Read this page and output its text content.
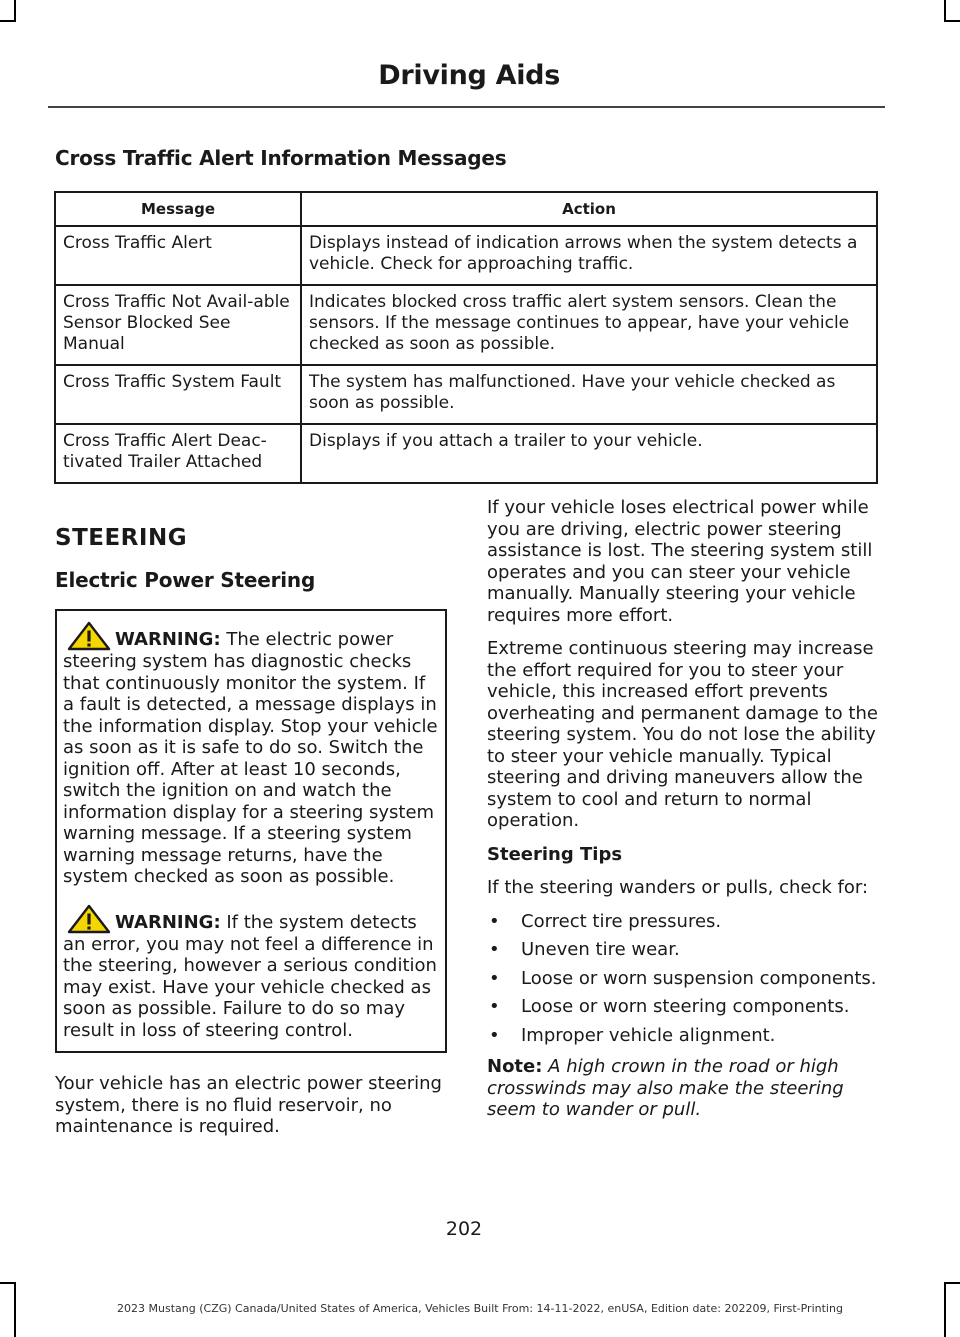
Driving Aids
Cross Traffic Alert Information Messages
Message	Action
Cross Traffic Alert	Displays instead of indication arrows when the system detects a vehicle. Check for approaching traffic.
Cross Traffic Not Avail-able Sensor Blocked See Manual	Indicates blocked cross traffic alert system sensors. Clean the sensors. If the message continues to appear, have your vehicle checked as soon as possible.
Cross Traffic System Fault	The system has malfunctioned. Have your vehicle checked as soon as possible.
Cross Traffic Alert Deac-tivated Trailer Attached	Displays if you attach a trailer to your vehicle.
STEERING
Electric Power Steering

WARNING: The electric power steering system has diagnostic checks that continuously monitor the system. If a fault is detected, a message displays in the information display. Stop your vehicle as soon as it is safe to do so. Switch the ignition off. After at least 10 seconds, switch the ignition on and watch the information display for a steering system warning message. If a steering system warning message returns, have the system checked as soon as possible.

WARNING: If the system detects an error, you may not feel a difference in the steering, however a serious condition may exist. Have your vehicle checked as soon as possible. Failure to do so may result in loss of steering control.

Your vehicle has an electric power steering system, there is no fluid reservoir, no maintenance is required.

If your vehicle loses electrical power while you are driving, electric power steering assistance is lost. The steering system still operates and you can steer your vehicle manually. Manually steering your vehicle requires more effort.

Extreme continuous steering may increase the effort required for you to steer your vehicle, this increased effort prevents overheating and permanent damage to the steering system. You do not lose the ability to steer your vehicle manually. Typical steering and driving maneuvers allow the system to cool and return to normal operation.

Steering Tips

If the steering wanders or pulls, check for:

• Correct tire pressures.
• Uneven tire wear.
• Loose or worn suspension components.
• Loose or worn steering components.
• Improper vehicle alignment.

Note: A high crown in the road or high crosswinds may also make the steering seem to wander or pull.

202
2023 Mustang (CZG) Canada/United States of America, Vehicles Built From: 14-11-2022, enUSA, Edition date: 202209, First-Printing
